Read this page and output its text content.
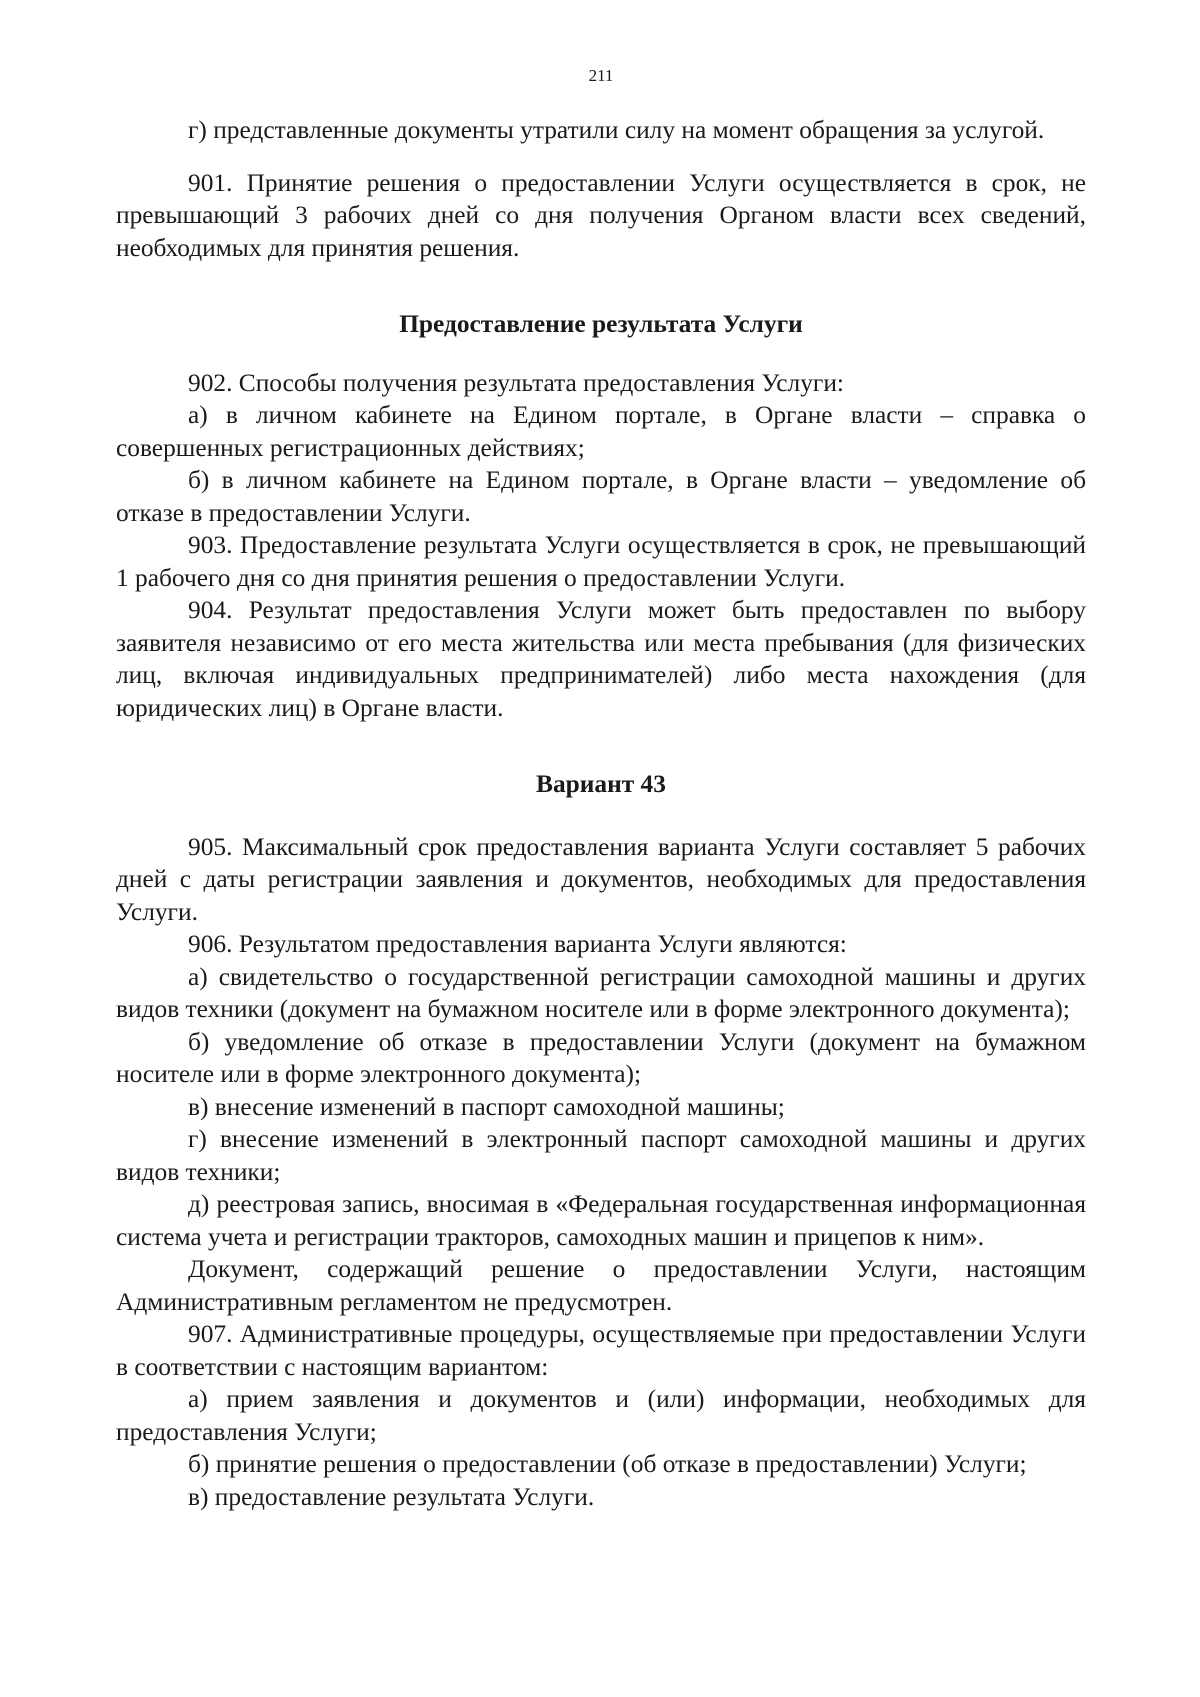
211

г) представленные документы утратили силу на момент обращения за услугой.

901. Принятие решения о предоставлении Услуги осуществляется в срок, не превышающий 3 рабочих дней со дня получения Органом власти всех сведений, необходимых для принятия решения.

Предоставление результата Услуги

902. Способы получения результата предоставления Услуги:

а) в личном кабинете на Едином портале, в Органе власти – справка о совершенных регистрационных действиях;

б) в личном кабинете на Едином портале, в Органе власти – уведомление об отказе в предоставлении Услуги.

903. Предоставление результата Услуги осуществляется в срок, не превышающий 1 рабочего дня со дня принятия решения о предоставлении Услуги.

904. Результат предоставления Услуги может быть предоставлен по выбору заявителя независимо от его места жительства или места пребывания (для физических лиц, включая индивидуальных предпринимателей) либо места нахождения (для юридических лиц) в Органе власти.

Вариант 43

905. Максимальный срок предоставления варианта Услуги составляет 5 рабочих дней с даты регистрации заявления и документов, необходимых для предоставления Услуги.

906. Результатом предоставления варианта Услуги являются:

а) свидетельство о государственной регистрации самоходной машины и других видов техники (документ на бумажном носителе или в форме электронного документа);

б) уведомление об отказе в предоставлении Услуги (документ на бумажном носителе или в форме электронного документа);

в) внесение изменений в паспорт самоходной машины;

г) внесение изменений в электронный паспорт самоходной машины и других видов техники;

д) реестровая запись, вносимая в «Федеральная государственная информационная система учета и регистрации тракторов, самоходных машин и прицепов к ним».

Документ, содержащий решение о предоставлении Услуги, настоящим Административным регламентом не предусмотрен.

907. Административные процедуры, осуществляемые при предоставлении Услуги в соответствии с настоящим вариантом:

а) прием заявления и документов и (или) информации, необходимых для предоставления Услуги;

б) принятие решения о предоставлении (об отказе в предоставлении) Услуги;

в) предоставление результата Услуги.
